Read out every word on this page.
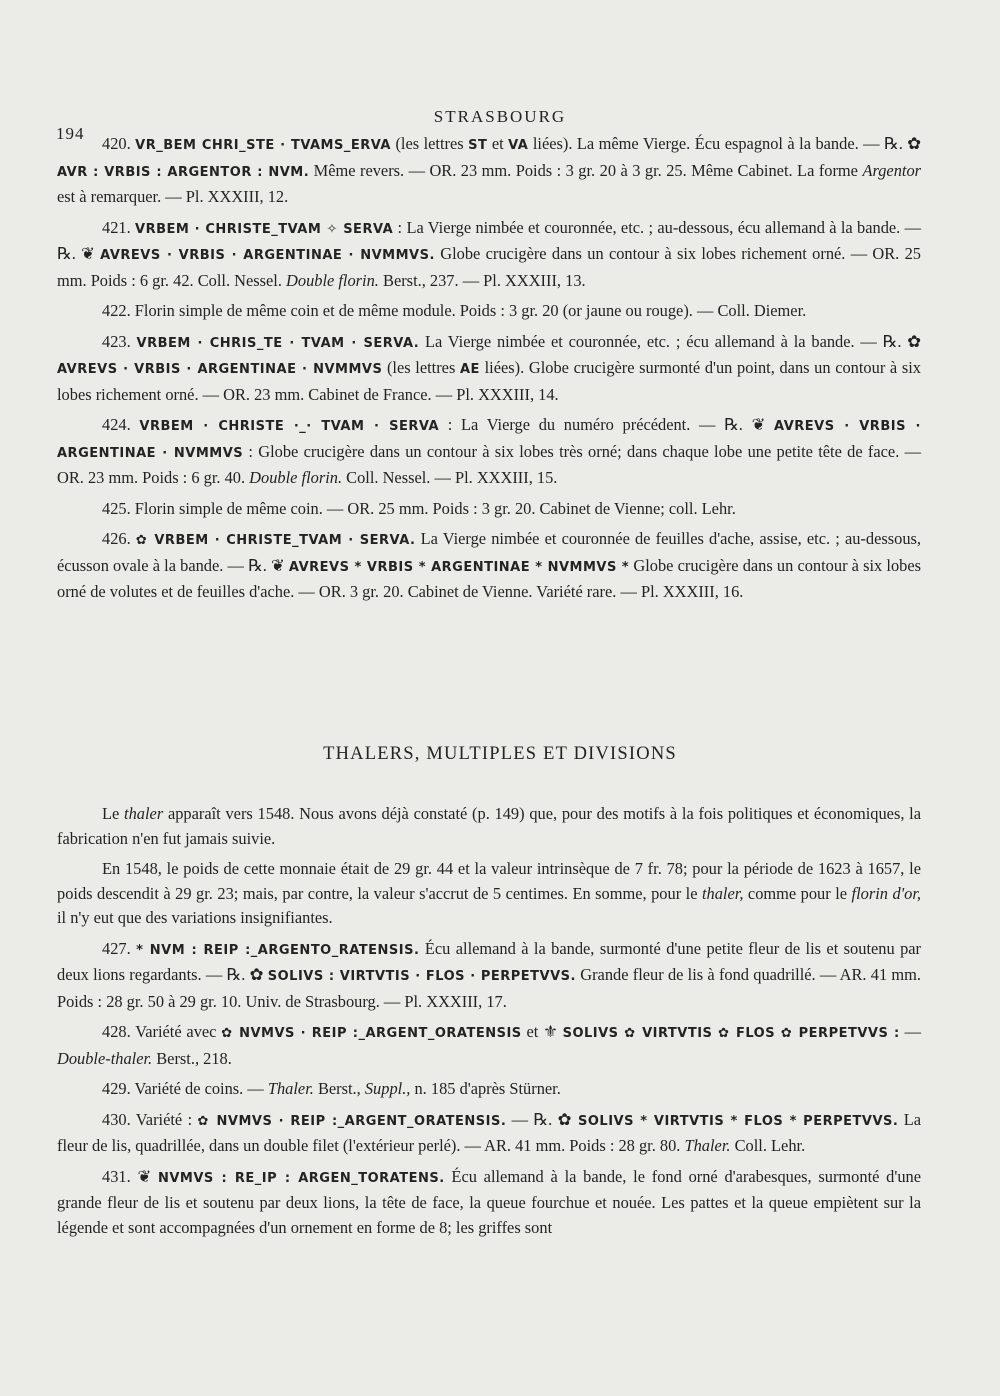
194
STRASBOURG

420. VR_BEM CHRI_STE · TVAMS_ERVA (les lettres ST et VA liées). La même Vierge. Écu espagnol à la bande. — ℞. ✿ AVR : VRBIS : ARGENTOR : NVM. Même revers. — OR. 23 mm. Poids : 3 gr. 20 à 3 gr. 25. Même Cabinet. La forme Argentor est à remarquer. — Pl. XXXIII, 12.

421. VRBEM · CHRISTE_TVAM ✧ SERVA : La Vierge nimbée et couronnée, etc. ; au-dessous, écu allemand à la bande. — ℞. ❦ AVREVS · VRBIS · ARGENTINAE · NVMMVS. Globe crucigère dans un contour à six lobes richement orné. — OR. 25 mm. Poids : 6 gr. 42. Coll. Nessel. Double florin. Berst., 237. — Pl. XXXIII, 13.

422. Florin simple de même coin et de même module. Poids : 3 gr. 20 (or jaune ou rouge). — Coll. Diemer.

423. VRBEM · CHRIS_TE · TVAM · SERVA. La Vierge nimbée et couronnée, etc. ; écu allemand à la bande. — ℞. ✿ AVREVS · VRBIS · ARGENTINAE · NVMMVS (les lettres AE liées). Globe crucigère surmonté d'un point, dans un contour à six lobes richement orné. — OR. 23 mm. Cabinet de France. — Pl. XXXIII, 14.

424. VRBEM · CHRISTE ·_· TVAM · SERVA : La Vierge du numéro précédent. — ℞. ❦ AVREVS · VRBIS · ARGENTINAE · NVMMVS : Globe crucigère dans un contour à six lobes très orné; dans chaque lobe une petite tête de face. — OR. 23 mm. Poids : 6 gr. 40. Double florin. Coll. Nessel. — Pl. XXXIII, 15.

425. Florin simple de même coin. — OR. 25 mm. Poids : 3 gr. 20. Cabinet de Vienne; coll. Lehr.

426. ✿ VRBEM · CHRISTE_TVAM · SERVA. La Vierge nimbée et couronnée de feuilles d'ache, assise, etc. ; au-dessous, écusson ovale à la bande. — ℞. ❦ AVREVS * VRBIS * ARGENTINAE * NVMMVS * Globe crucigère dans un contour à six lobes orné de volutes et de feuilles d'ache. — OR. 3 gr. 20. Cabinet de Vienne. Variété rare. — Pl. XXXIII, 16.

THALERS, MULTIPLES ET DIVISIONS

Le thaler apparaît vers 1548. Nous avons déjà constaté (p. 149) que, pour des motifs à la fois politiques et économiques, la fabrication n'en fut jamais suivie.

En 1548, le poids de cette monnaie était de 29 gr. 44 et la valeur intrinsèque de 7 fr. 78; pour la période de 1623 à 1657, le poids descendit à 29 gr. 23; mais, par contre, la valeur s'accrut de 5 centimes. En somme, pour le thaler, comme pour le florin d'or, il n'y eut que des variations insignifiantes.

427. * NVM : REIP :_ARGENTO_RATENSIS. Écu allemand à la bande, surmonté d'une petite fleur de lis et soutenu par deux lions regardants. — ℞. ✿ SOLIVS : VIRTVTIS · FLOS · PERPETVVS. Grande fleur de lis à fond quadrillé. — AR. 41 mm. Poids : 28 gr. 50 à 29 gr. 10. Univ. de Strasbourg. — Pl. XXXIII, 17.

428. Variété avec ✿ NVMVS · REIP :_ARGENT_ORATENSIS et ⚜ SOLIVS ✿ VIRTVTIS ✿ FLOS ✿ PERPETVVS : — Double-thaler. Berst., 218.

429. Variété de coins. — Thaler. Berst., Suppl., n. 185 d'après Stürner.

430. Variété : ✿ NVMVS · REIP :_ARGENT_ORATENSIS. — ℞. ✿ SOLIVS * VIRTVTIS * FLOS * PERPETVVS. La fleur de lis, quadrillée, dans un double filet (l'extérieur perlé). — AR. 41 mm. Poids : 28 gr. 80. Thaler. Coll. Lehr.

431. ❦ NVMVS : RE_IP : ARGEN_TORATENS. Écu allemand à la bande, le fond orné d'arabesques, surmonté d'une grande fleur de lis et soutenu par deux lions, la tête de face, la queue fourchue et nouée. Les pattes et la queue empiètent sur la légende et sont accompagnées d'un ornement en forme de 8; les griffes sont
